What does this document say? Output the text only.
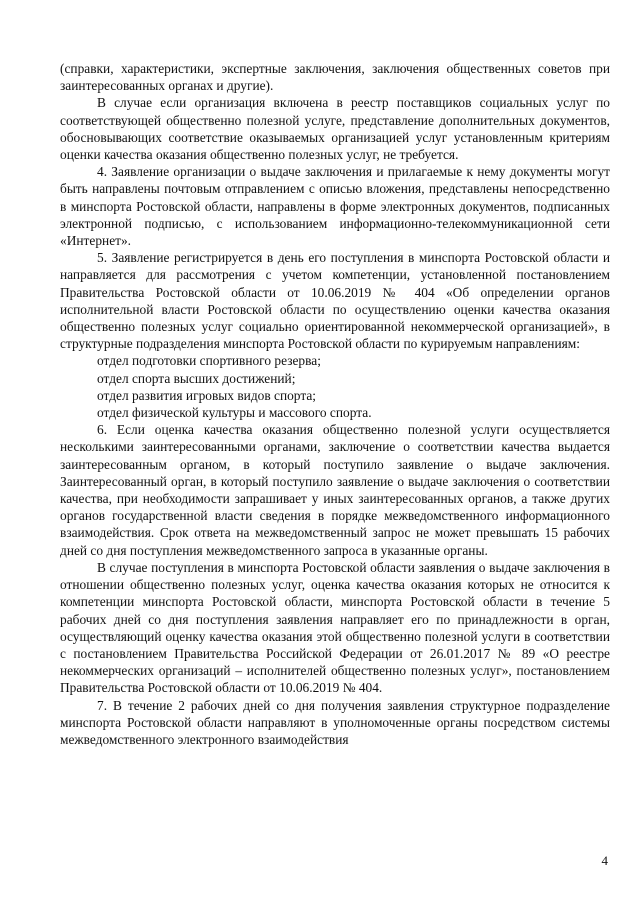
(справки, характеристики, экспертные заключения, заключения общественных советов при заинтересованных органах и другие).

В случае если организация включена в реестр поставщиков социальных услуг по соответствующей общественно полезной услуге, представление дополнительных документов, обосновывающих соответствие оказываемых организацией услуг установленным критериям оценки качества оказания общественно полезных услуг, не требуется.

4. Заявление организации о выдаче заключения и прилагаемые к нему документы могут быть направлены почтовым отправлением с описью вложения, представлены непосредственно в минспорта Ростовской области, направлены в форме электронных документов, подписанных электронной подписью, с использованием информационно-телекоммуникационной сети «Интернет».

5. Заявление регистрируется в день его поступления в минспорта Ростовской области и направляется для рассмотрения с учетом компетенции, установленной постановлением Правительства Ростовской области от 10.06.2019 № 404 «Об определении органов исполнительной власти Ростовской области по осуществлению оценки качества оказания общественно полезных услуг социально ориентированной некоммерческой организацией», в структурные подразделения минспорта Ростовской области по курируемым направлениям:

отдел подготовки спортивного резерва;

отдел спорта высших достижений;

отдел развития игровых видов спорта;

отдел физической культуры и массового спорта.

6. Если оценка качества оказания общественно полезной услуги осуществляется несколькими заинтересованными органами, заключение о соответствии качества выдается заинтересованным органом, в который поступило заявление о выдаче заключения. Заинтересованный орган, в который поступило заявление о выдаче заключения о соответствии качества, при необходимости запрашивает у иных заинтересованных органов, а также других органов государственной власти сведения в порядке межведомственного информационного взаимодействия. Срок ответа на межведомственный запрос не может превышать 15 рабочих дней со дня поступления межведомственного запроса в указанные органы.

В случае поступления в минспорта Ростовской области заявления о выдаче заключения в отношении общественно полезных услуг, оценка качества оказания которых не относится к компетенции минспорта Ростовской области, минспорта Ростовской области в течение 5 рабочих дней со дня поступления заявления направляет его по принадлежности в орган, осуществляющий оценку качества оказания этой общественно полезной услуги в соответствии с постановлением Правительства Российской Федерации от 26.01.2017 № 89 «О реестре некоммерческих организаций – исполнителей общественно полезных услуг», постановлением Правительства Ростовской области от 10.06.2019 № 404.

7. В течение 2 рабочих дней со дня получения заявления структурное подразделение минспорта Ростовской области направляют в уполномоченные органы посредством системы межведомственного электронного взаимодействия

4
